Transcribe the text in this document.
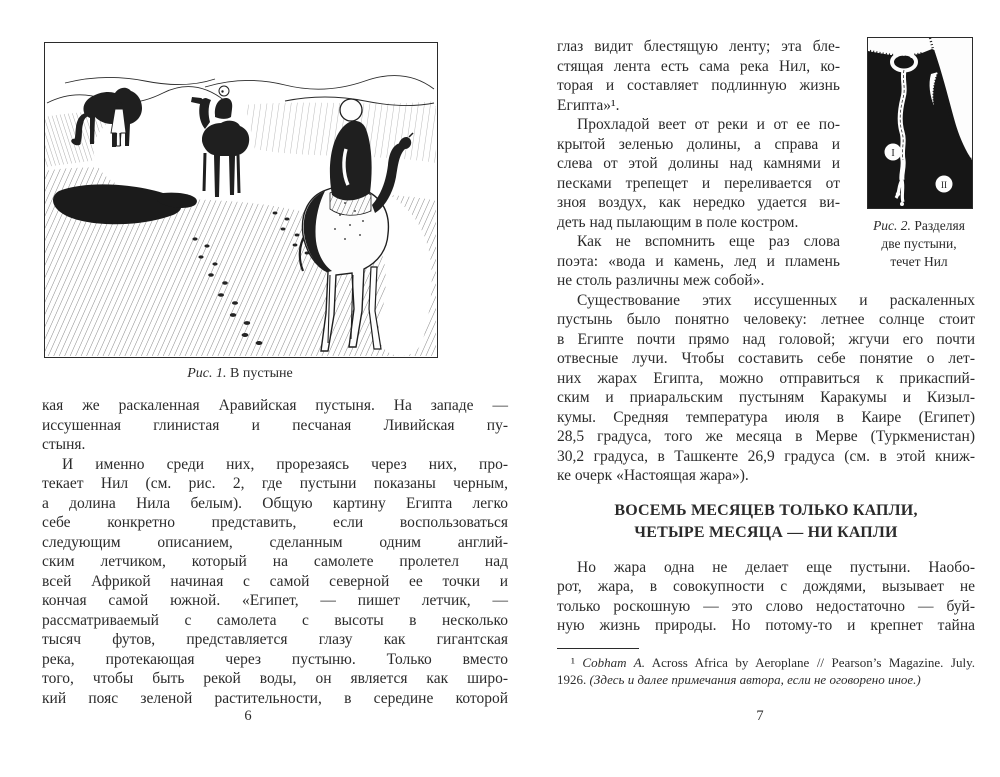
Рис. 1. В пустыне
кая же раскаленная Аравийская пустыня. На западе —
иссушенная глинистая и песчаная Ливийская пу-
стыня.
И именно среди них, прорезаясь через них, про-
текает Нил (см. рис. 2, где пустыни показаны черным,
а долина Нила белым). Общую картину Египта легко
себе конкретно представить, если воспользоваться
следующим описанием, сделанным одним англий-
ским летчиком, который на самолете пролетел над
всей Африкой начиная с самой северной ее точки и
кончая самой южной. «Египет, — пишет летчик, —
рассматриваемый с самолета с высоты в несколько
тысяч футов, представляется глазу как гигантская
река, протекающая через пустыню. Только вместо
того, чтобы быть рекой воды, он является как широ-
кий пояс зеленой растительности, в середине которой
6
глаз видит блестящую ленту; эта бле-
стящая лента есть сама река Нил, ко-
торая и составляет подлинную жизнь
Египта»¹.
Прохладой веет от реки и от ее по-
крытой зеленью долины, а справа и
слева от этой долины над камнями и
песками трепещет и переливается от
зноя воздух, как нередко удается ви-
деть над пылающим в поле костром.
Как не вспомнить еще раз слова
поэта: «вода и камень, лед и пламень
не столь различны меж собой».
I
II
Рис. 2. Разделяя
две пустыни,
течет Нил
Существование этих иссушенных и раскаленных
пустынь было понятно человеку: летнее солнце стоит
в Египте почти прямо над головой; жгучи его почти
отвесные лучи. Чтобы составить себе понятие о лет-
них жарах Египта, можно отправиться к прикаспий-
ским и приаральским пустыням Каракумы и Кизыл-
кумы. Средняя температура июля в Каире (Египет)
28,5 градуса, того же месяца в Мерве (Туркменистан)
30,2 градуса, в Ташкенте 26,9 градуса (см. в этой книж-
ке очерк «Настоящая жара»).
ВОСЕМЬ МЕСЯЦЕВ ТОЛЬКО КАПЛИ,
ЧЕТЫРЕ МЕСЯЦА — НИ КАПЛИ
Но жара одна не делает еще пустыни. Наобо-
рот, жара, в совокупности с дождями, вызывает не
только роскошную — это слово недостаточно — буй-
ную жизнь природы. Но потому-то и крепнет тайна
¹ Cobham A. Across Africa by Aeroplane // Pearson’s Magazine. July.
1926. (Здесь и далее примечания автора, если не оговорено иное.)
7
